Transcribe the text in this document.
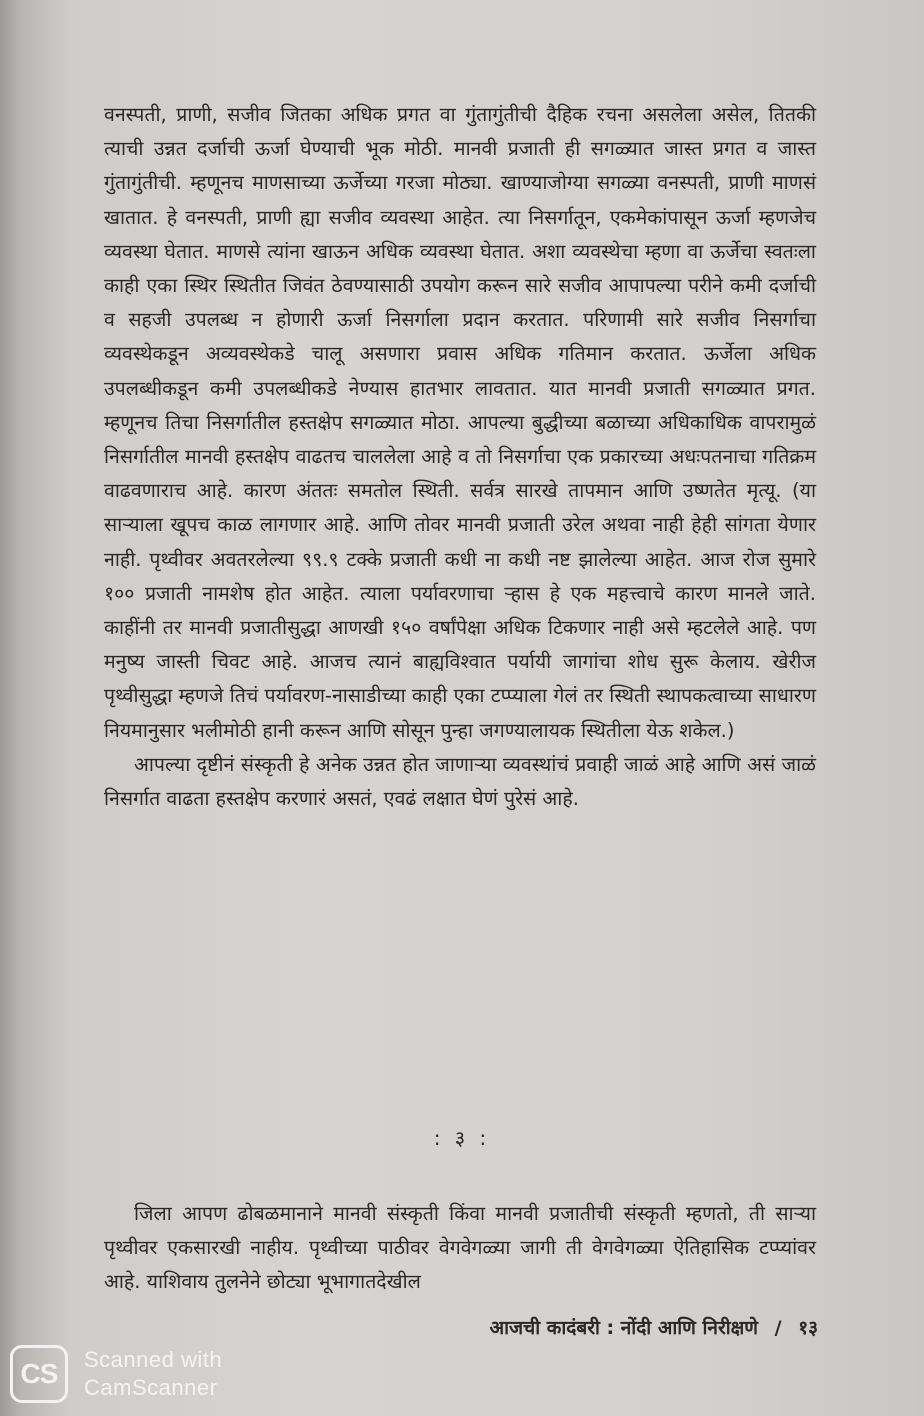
वनस्पती, प्राणी, सजीव जितका अधिक प्रगत वा गुंतागुंतीची दैहिक रचना असलेला असेल, तितकी त्याची उन्नत दर्जाची ऊर्जा घेण्याची भूक मोठी. मानवी प्रजाती ही सगळ्यात जास्त प्रगत व जास्त गुंतागुंतीची. म्हणूनच माणसाच्या ऊर्जेच्या गरजा मोठ्या. खाण्याजोग्या सगळ्या वनस्पती, प्राणी माणसं खातात. हे वनस्पती, प्राणी ह्या सजीव व्यवस्था आहेत. त्या निसर्गातून, एकमेकांपासून ऊर्जा म्हणजेच व्यवस्था घेतात. माणसे त्यांना खाऊन अधिक व्यवस्था घेतात. अशा व्यवस्थेचा म्हणा वा ऊर्जेचा स्वतःला काही एका स्थिर स्थितीत जिवंत ठेवण्यासाठी उपयोग करून सारे सजीव आपापल्या परीने कमी दर्जाची व सहजी उपलब्ध न होणारी ऊर्जा निसर्गाला प्रदान करतात. परिणामी सारे सजीव निसर्गाचा व्यवस्थेकडून अव्यवस्थेकडे चालू असणारा प्रवास अधिक गतिमान करतात. ऊर्जेला अधिक उपलब्धीकडून कमी उपलब्धीकडे नेण्यास हातभार लावतात. यात मानवी प्रजाती सगळ्यात प्रगत. म्हणूनच तिचा निसर्गातील हस्तक्षेप सगळ्यात मोठा. आपल्या बुद्धीच्या बळाच्या अधिकाधिक वापरामुळं निसर्गातील मानवी हस्तक्षेप वाढतच चाललेला आहे व तो निसर्गाचा एक प्रकारच्या अधःपतनाचा गतिक्रम वाढवणाराच आहे. कारण अंततः समतोल स्थिती. सर्वत्र सारखे तापमान आणि उष्णतेत मृत्यू. (या साऱ्याला खूपच काळ लागणार आहे. आणि तोवर मानवी प्रजाती उरेल अथवा नाही हेही सांगता येणार नाही. पृथ्वीवर अवतरलेल्या ९९.९ टक्के प्रजाती कधी ना कधी नष्ट झालेल्या आहेत. आज रोज सुमारे १०० प्रजाती नामशेष होत आहेत. त्याला पर्यावरणाचा ऱ्हास हे एक महत्त्वाचे कारण मानले जाते. काहींनी तर मानवी प्रजातीसुद्धा आणखी १५० वर्षांपेक्षा अधिक टिकणार नाही असे म्हटलेले आहे. पण मनुष्य जास्ती चिवट आहे. आजच त्यानं बाह्यविश्वात पर्यायी जागांचा शोध सुरू केलाय. खेरीज पृथ्वीसुद्धा म्हणजे तिचं पर्यावरण-नासाडीच्या काही एका टप्प्याला गेलं तर स्थिती स्थापकत्वाच्या साधारण नियमानुसार भलीमोठी हानी करून आणि सोसून पुन्हा जगण्यालायक स्थितीला येऊ शकेल.)

आपल्या दृष्टीनं संस्कृती हे अनेक उन्नत होत जाणाऱ्या व्यवस्थांचं प्रवाही जाळं आहे आणि असं जाळं निसर्गात वाढता हस्तक्षेप करणारं असतं, एवढं लक्षात घेणं पुरेसं आहे.

: ३ :

जिला आपण ढोबळमानाने मानवी संस्कृती किंवा मानवी प्रजातीची संस्कृती म्हणतो, ती साऱ्या पृथ्वीवर एकसारखी नाहीय. पृथ्वीच्या पाठीवर वेगवेगळ्या जागी ती वेगवेगळ्या ऐतिहासिक टप्प्यांवर आहे. याशिवाय तुलनेने छोट्या भूभागातदेखील

आजची कादंबरी : नोंदी आणि निरीक्षणे / १३
CS	Scanned with
CamScanner
